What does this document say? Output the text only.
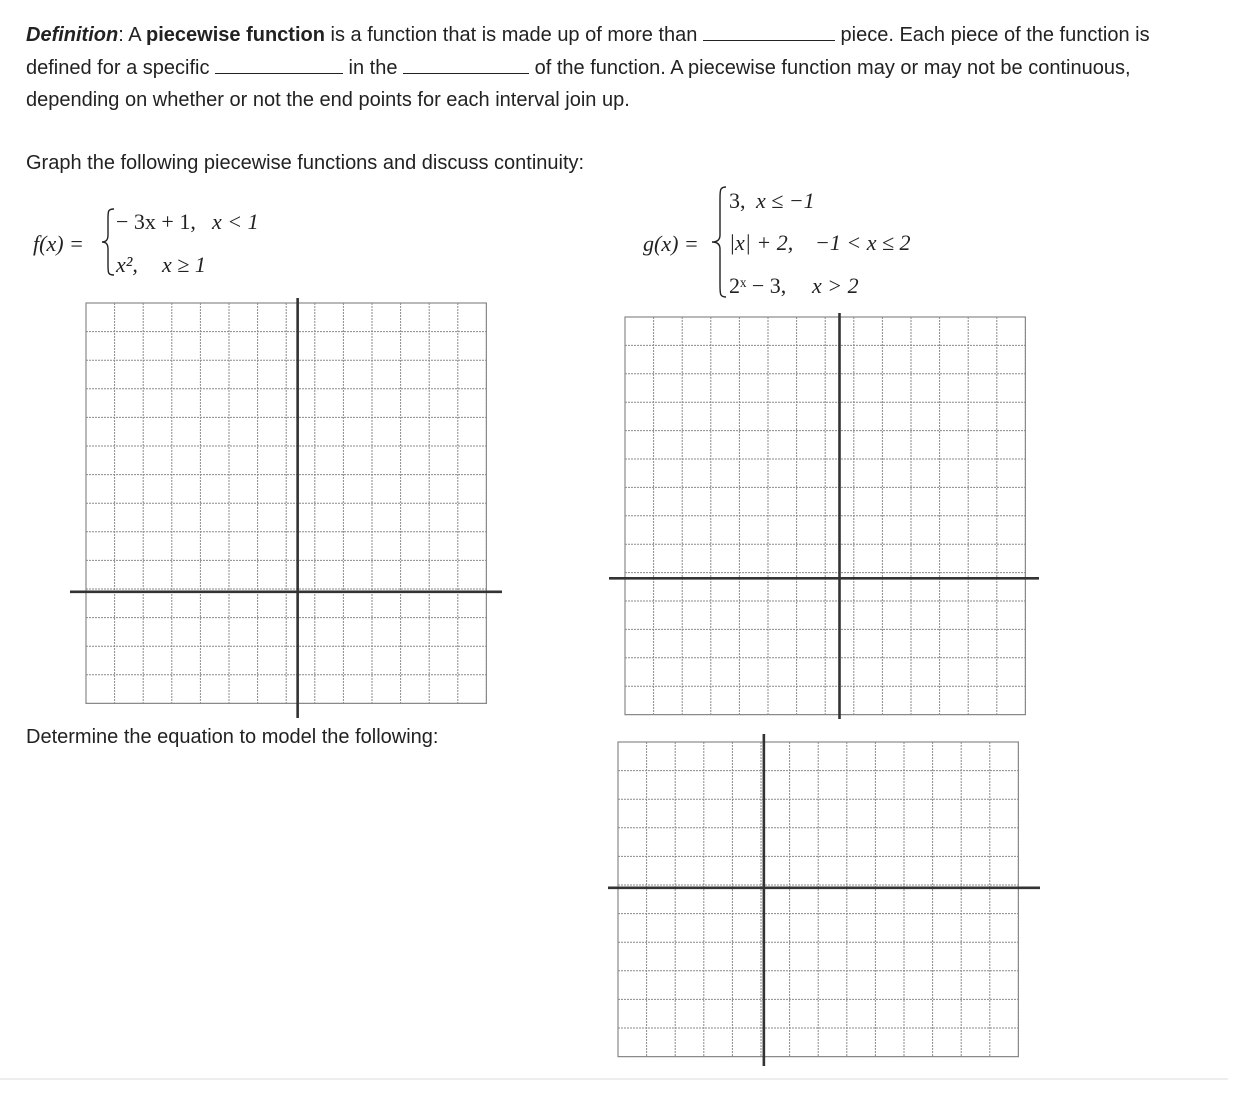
Definition: A piecewise function is a function that is made up of more than	piece. Each piece of the function is defined for a specific	in the	of the function. A piecewise function may or may not be continuous, depending on whether or not the end points for each interval join up.
Graph the following piecewise functions and discuss continuity:
f(x) =
− 3x + 1, x < 1
x², x ≥ 1
g(x) =
3, x ≤ −1
|x| + 2, −1 < x ≤ 2
2ˣ − 3, x > 2
Determine the equation to model the following:
